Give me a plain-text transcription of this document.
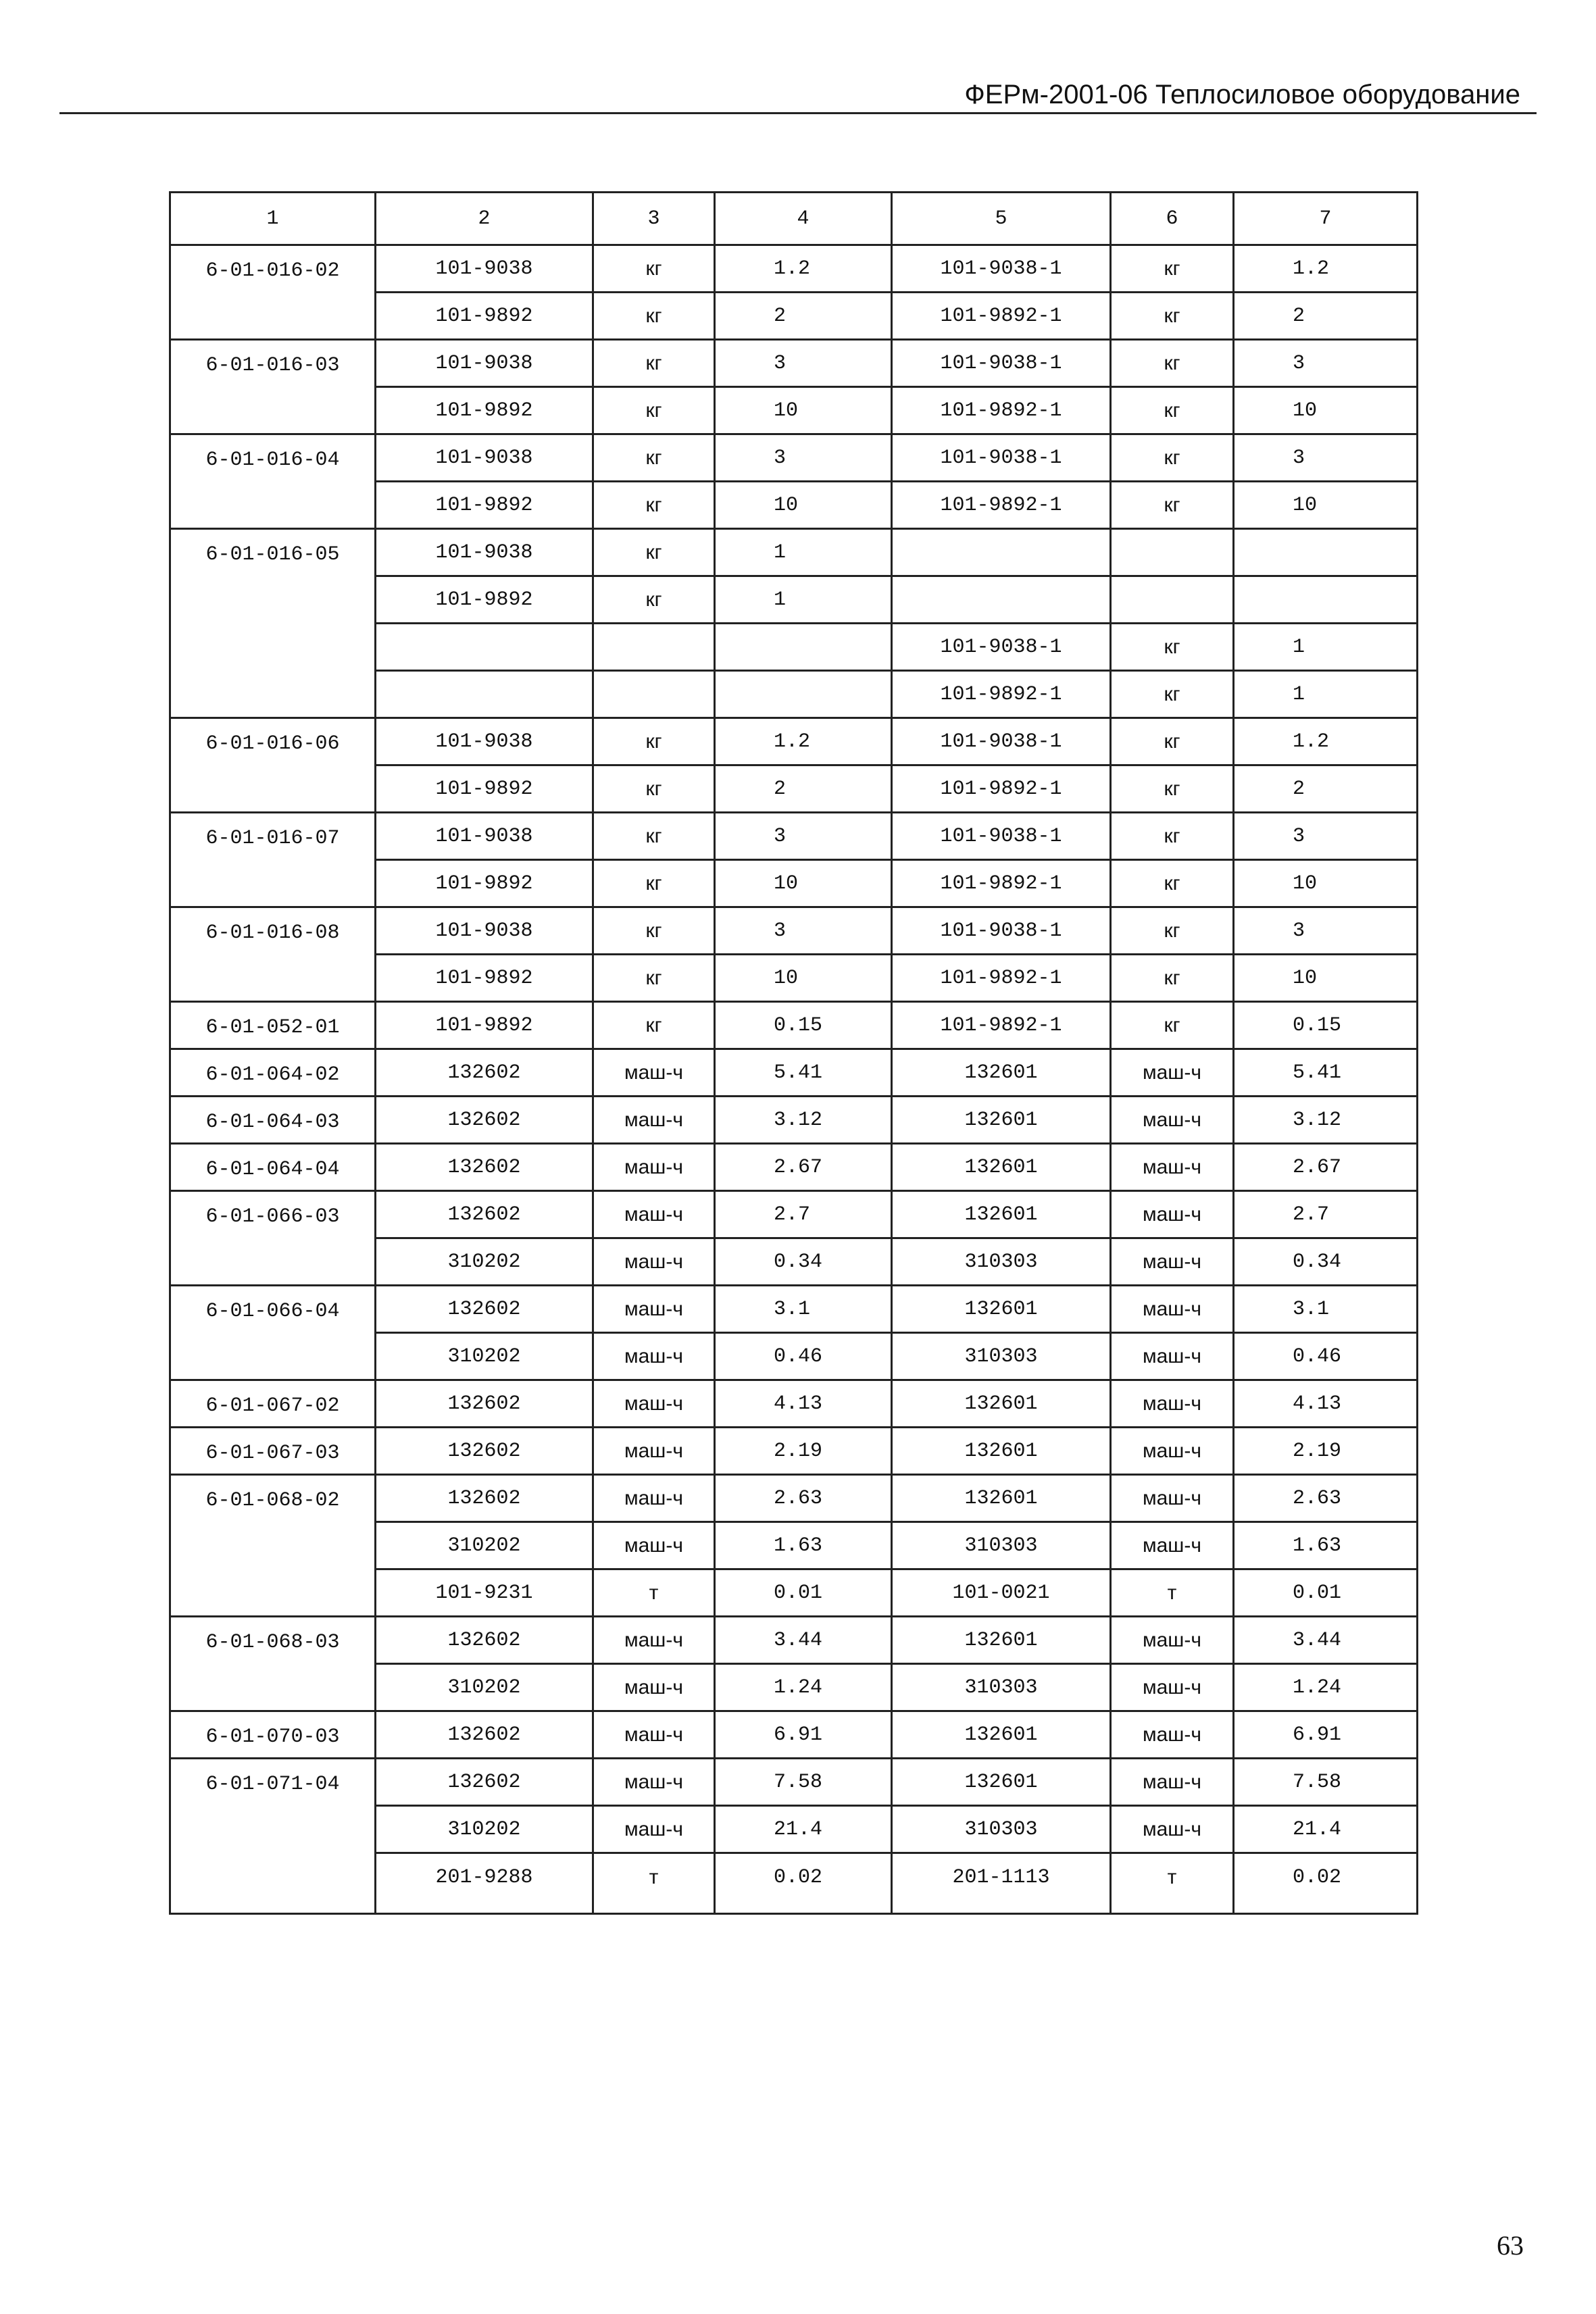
ФЕРм-2001-06 Теплосиловое оборудование
1	2	3	4	5	6	7
6-01-016-02	101-9038	кг	1.2	101-9038-1	кг	1.2
	101-9892	кг	2	101-9892-1	кг	2
6-01-016-03	101-9038	кг	3	101-9038-1	кг	3
	101-9892	кг	10	101-9892-1	кг	10
6-01-016-04	101-9038	кг	3	101-9038-1	кг	3
	101-9892	кг	10	101-9892-1	кг	10
6-01-016-05	101-9038	кг	1			
	101-9892	кг	1			
				101-9038-1	кг	1
				101-9892-1	кг	1
6-01-016-06	101-9038	кг	1.2	101-9038-1	кг	1.2
	101-9892	кг	2	101-9892-1	кг	2
6-01-016-07	101-9038	кг	3	101-9038-1	кг	3
	101-9892	кг	10	101-9892-1	кг	10
6-01-016-08	101-9038	кг	3	101-9038-1	кг	3
	101-9892	кг	10	101-9892-1	кг	10
6-01-052-01	101-9892	кг	0.15	101-9892-1	кг	0.15
6-01-064-02	132602	маш-ч	5.41	132601	маш-ч	5.41
6-01-064-03	132602	маш-ч	3.12	132601	маш-ч	3.12
6-01-064-04	132602	маш-ч	2.67	132601	маш-ч	2.67
6-01-066-03	132602	маш-ч	2.7	132601	маш-ч	2.7
	310202	маш-ч	0.34	310303	маш-ч	0.34
6-01-066-04	132602	маш-ч	3.1	132601	маш-ч	3.1
	310202	маш-ч	0.46	310303	маш-ч	0.46
6-01-067-02	132602	маш-ч	4.13	132601	маш-ч	4.13
6-01-067-03	132602	маш-ч	2.19	132601	маш-ч	2.19
6-01-068-02	132602	маш-ч	2.63	132601	маш-ч	2.63
	310202	маш-ч	1.63	310303	маш-ч	1.63
	101-9231	т	0.01	101-0021	т	0.01
6-01-068-03	132602	маш-ч	3.44	132601	маш-ч	3.44
	310202	маш-ч	1.24	310303	маш-ч	1.24
6-01-070-03	132602	маш-ч	6.91	132601	маш-ч	6.91
6-01-071-04	132602	маш-ч	7.58	132601	маш-ч	7.58
	310202	маш-ч	21.4	310303	маш-ч	21.4
	201-9288	т	0.02	201-1113	т	0.02
63
